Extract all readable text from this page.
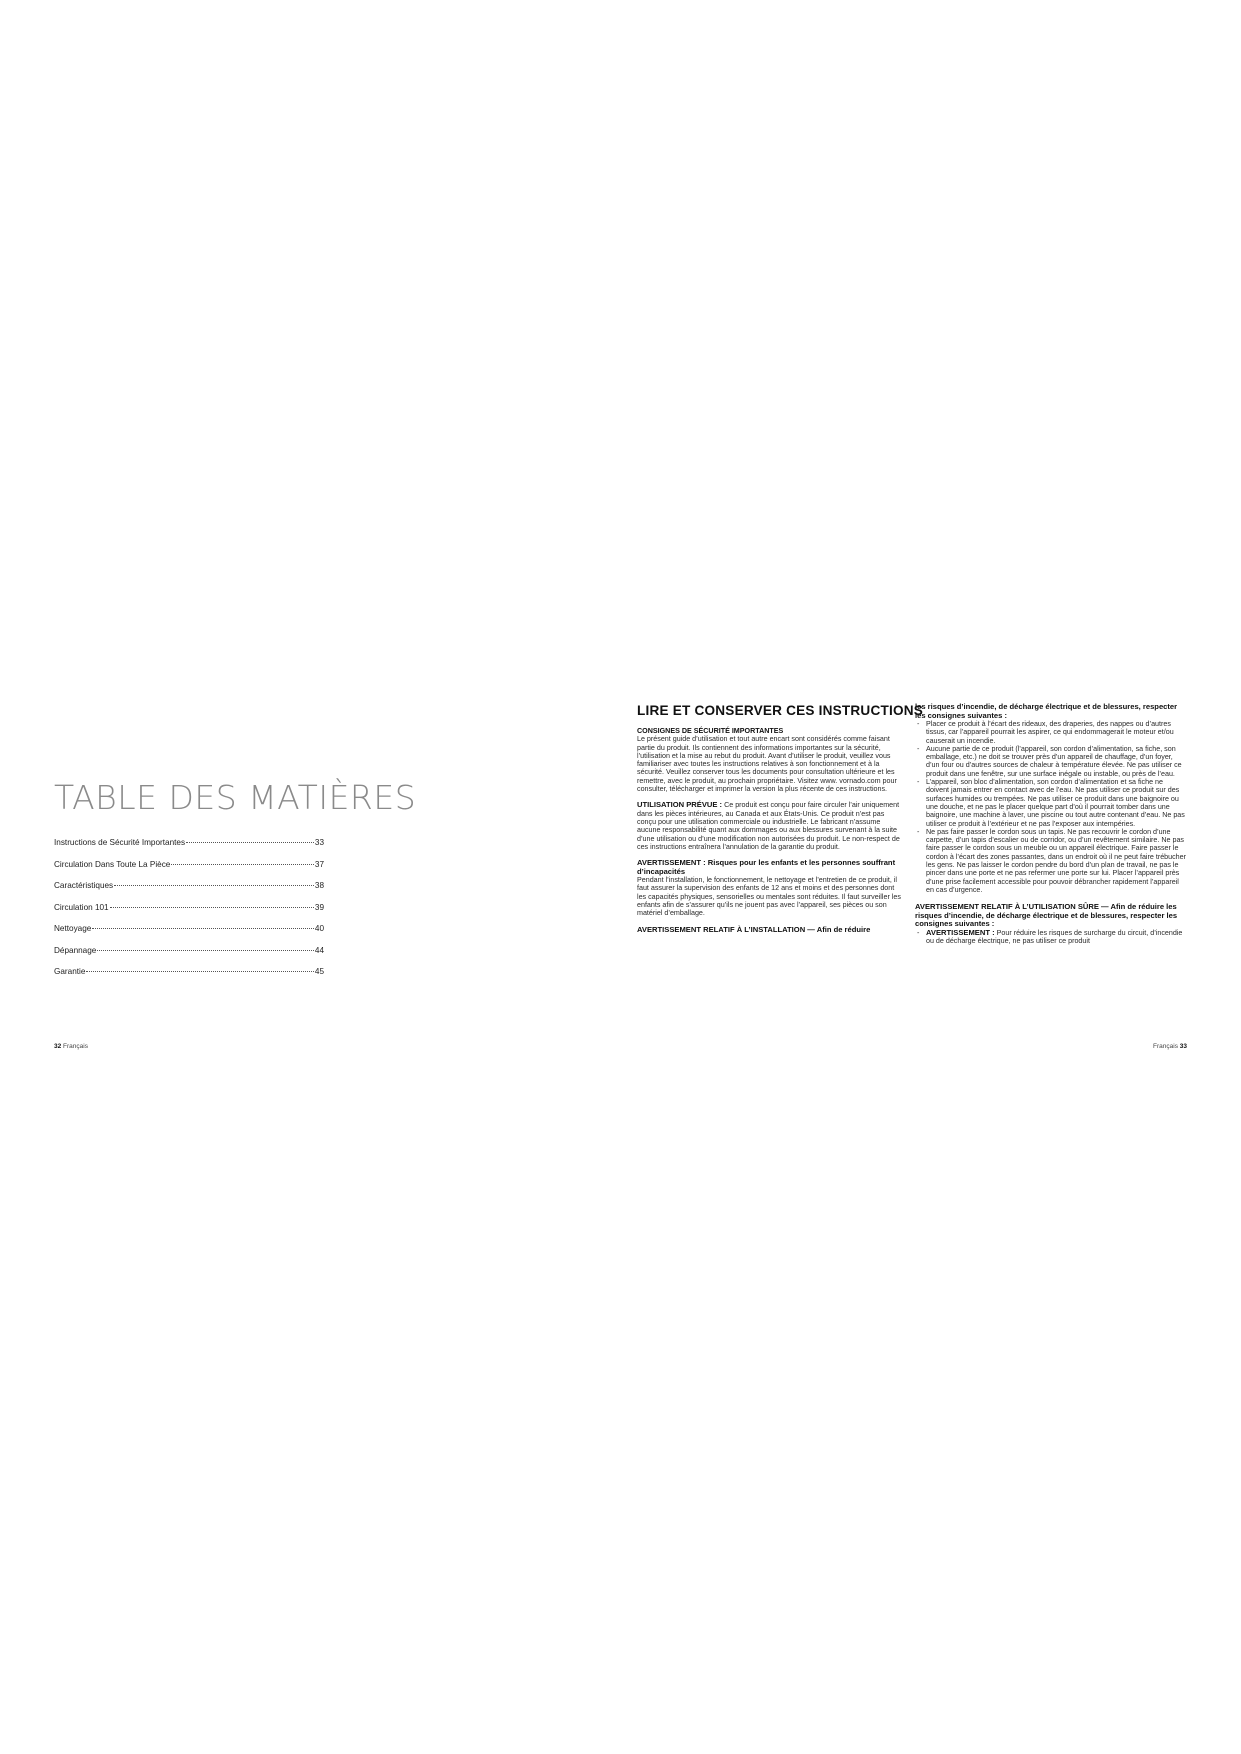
TABLE DES MATIÈRES
Instructions de Sécurité Importantes	33
Circulation Dans Toute La Pièce	37
Caractéristiques	38
Circulation 101	39
Nettoyage	40
Dépannage	44
Garantie	45
32 Français
LIRE ET CONSERVER CES INSTRUCTIONS
CONSIGNES DE SÉCURITÉ IMPORTANTES

Le présent guide d’utilisation et tout autre encart sont considérés comme faisant partie du produit. Ils contiennent des informations importantes sur la sécurité, l’utilisation et la mise au rebut du produit. Avant d’utiliser le produit, veuillez vous familiariser avec toutes les instructions relatives à son fonctionnement et à la sécurité. Veuillez conserver tous les documents pour consultation ultérieure et les remettre, avec le produit, au prochain propriétaire. Visitez www. vornado.com pour consulter, télécharger et imprimer la version la plus récente de ces instructions.

UTILISATION PRÉVUE : Ce produit est conçu pour faire circuler l’air uniquement dans les pièces intérieures, au Canada et aux États-Unis. Ce produit n’est pas conçu pour une utilisation commerciale ou industrielle. Le fabricant n’assume aucune responsabilité quant aux dommages ou aux blessures survenant à la suite d’une utilisation ou d’une modification non autorisées du produit. Le non-respect de ces instructions entraînera l’annulation de la garantie du produit.

AVERTISSEMENT : Risques pour les enfants et les personnes souffrant d’incapacités

Pendant l’installation, le fonctionnement, le nettoyage et l’entretien de ce produit, il faut assurer la supervision des enfants de 12 ans et moins et des personnes dont les capacités physiques, sensorielles ou mentales sont réduites. Il faut surveiller les enfants afin de s’assurer qu’ils ne jouent pas avec l’appareil, ses pièces ou son matériel d’emballage.

AVERTISSEMENT RELATIF À L’INSTALLATION — Afin de réduire
les risques d’incendie, de décharge électrique et de blessures, respecter les consignes suivantes :
- Placer ce produit à l’écart des rideaux, des draperies, des nappes ou d’autres tissus, car l’appareil pourrait les aspirer, ce qui endommagerait le moteur et/ou causerait un incendie.
- Aucune partie de ce produit (l’appareil, son cordon d’alimentation, sa fiche, son emballage, etc.) ne doit se trouver près d’un appareil de chauffage, d’un foyer, d’un four ou d’autres sources de chaleur à température élevée. Ne pas utiliser ce produit dans une fenêtre, sur une surface inégale ou instable, ou près de l’eau.
- L’appareil, son bloc d’alimentation, son cordon d’alimentation et sa fiche ne doivent jamais entrer en contact avec de l’eau. Ne pas utiliser ce produit sur des surfaces humides ou trempées. Ne pas utiliser ce produit dans une baignoire ou une douche, et ne pas le placer quelque part d’où il pourrait tomber dans une baignoire, une machine à laver, une piscine ou tout autre contenant d’eau. Ne pas utiliser ce produit à l’extérieur et ne pas l’exposer aux intempéries.
- Ne pas faire passer le cordon sous un tapis. Ne pas recouvrir le cordon d’une carpette, d’un tapis d’escalier ou de corridor, ou d’un revêtement similaire. Ne pas faire passer le cordon sous un meuble ou un appareil électrique. Faire passer le cordon à l’écart des zones passantes, dans un endroit où il ne peut faire trébucher les gens. Ne pas laisser le cordon pendre du bord d’un plan de travail, ne pas le pincer dans une porte et ne pas refermer une porte sur lui. Placer l’appareil près d’une prise facilement accessible pour pouvoir débrancher rapidement l’appareil en cas d’urgence.
AVERTISSEMENT RELATIF À L’UTILISATION SÛRE — Afin de réduire les risques d’incendie, de décharge électrique et de blessures, respecter les consignes suivantes :
- AVERTISSEMENT : Pour réduire les risques de surcharge du circuit, d’incendie ou de décharge électrique, ne pas utiliser ce produit
Français 33
